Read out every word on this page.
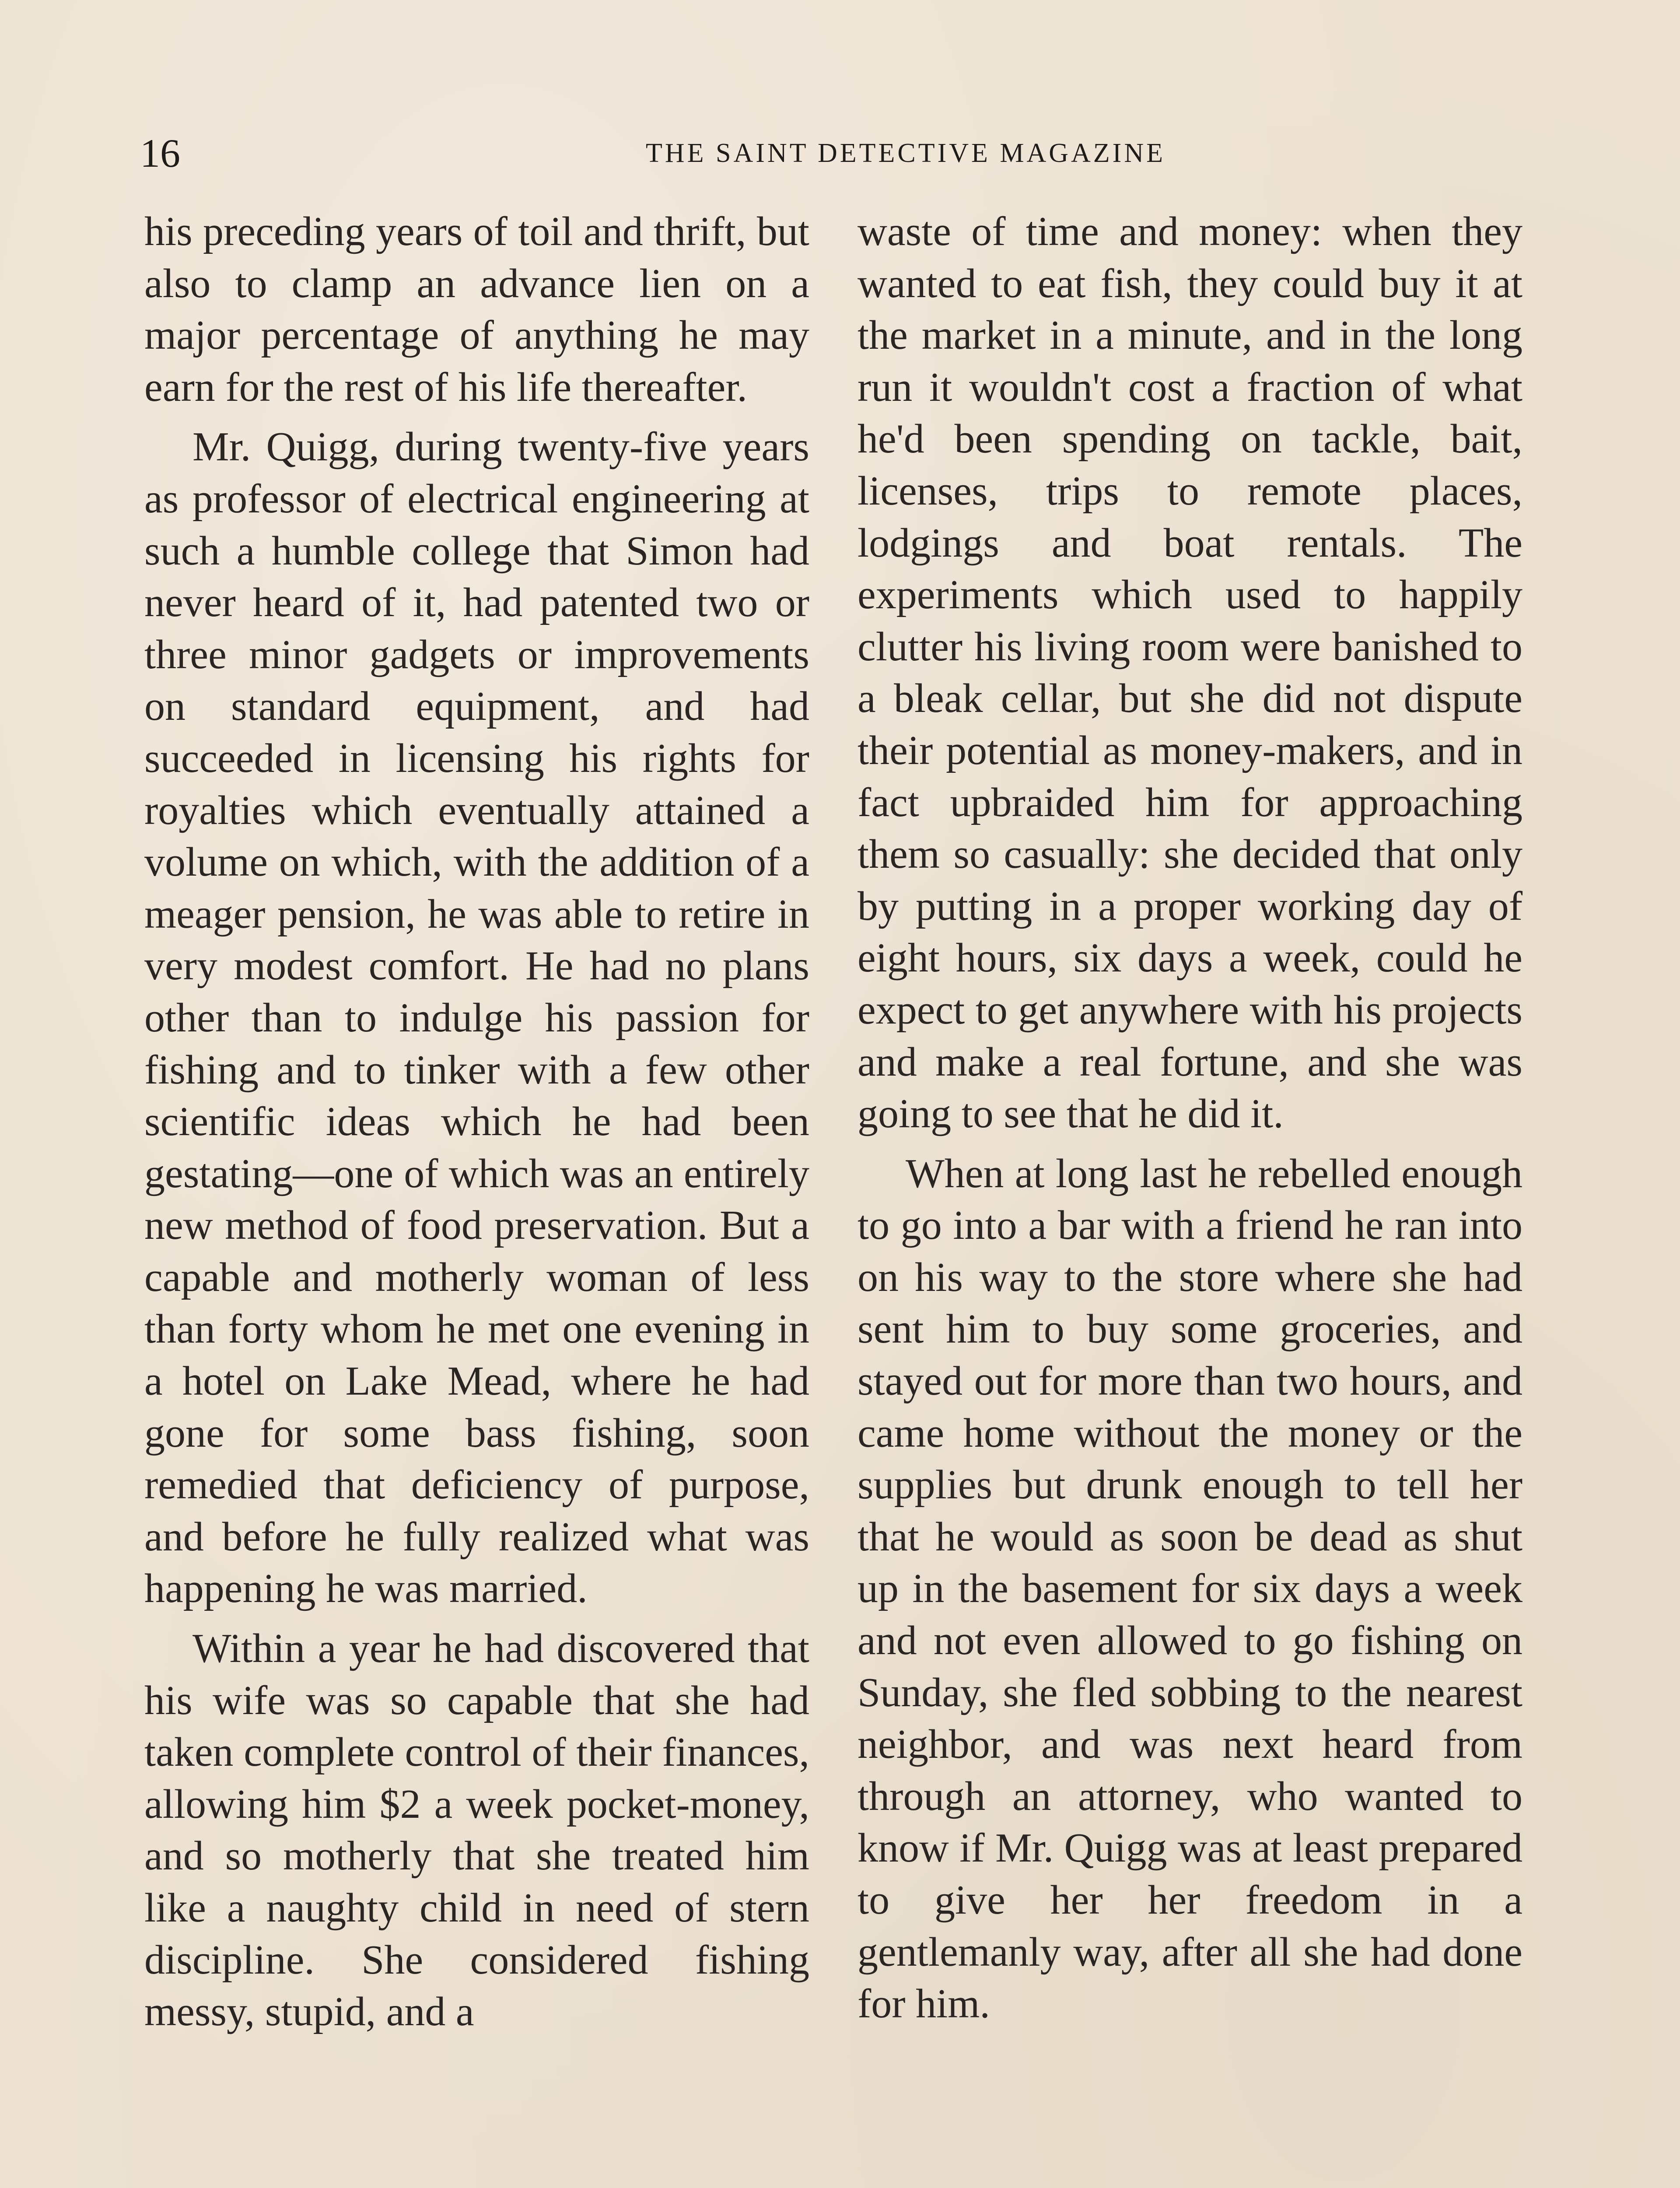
16	THE SAINT DETECTIVE MAGAZINE

his preceding years of toil and thrift, but also to clamp an advance lien on a major percentage of anything he may earn for the rest of his life thereafter.

Mr. Quigg, during twenty-five years as professor of electrical engineering at such a humble college that Simon had never heard of it, had patented two or three minor gadgets or improvements on standard equipment, and had succeeded in licensing his rights for royalties which eventually attained a volume on which, with the addition of a meager pension, he was able to retire in very modest comfort. He had no plans other than to indulge his passion for fishing and to tinker with a few other scientific ideas which he had been gestating—one of which was an entirely new method of food preservation. But a capable and motherly woman of less than forty whom he met one evening in a hotel on Lake Mead, where he had gone for some bass fishing, soon remedied that deficiency of purpose, and before he fully realized what was happening he was married.

Within a year he had discovered that his wife was so capable that she had taken complete control of their finances, allowing him $2 a week pocket-money, and so motherly that she treated him like a naughty child in need of stern discipline. She considered fishing messy, stupid, and a

waste of time and money: when they wanted to eat fish, they could buy it at the market in a minute, and in the long run it wouldn't cost a fraction of what he'd been spending on tackle, bait, licenses, trips to remote places, lodgings and boat rentals. The experiments which used to happily clutter his living room were banished to a bleak cellar, but she did not dispute their potential as money-makers, and in fact upbraided him for approaching them so casually: she decided that only by putting in a proper working day of eight hours, six days a week, could he expect to get anywhere with his projects and make a real fortune, and she was going to see that he did it.

When at long last he rebelled enough to go into a bar with a friend he ran into on his way to the store where she had sent him to buy some groceries, and stayed out for more than two hours, and came home without the money or the supplies but drunk enough to tell her that he would as soon be dead as shut up in the basement for six days a week and not even allowed to go fishing on Sunday, she fled sobbing to the nearest neighbor, and was next heard from through an attorney, who wanted to know if Mr. Quigg was at least prepared to give her her freedom in a gentlemanly way, after all she had done for him.
